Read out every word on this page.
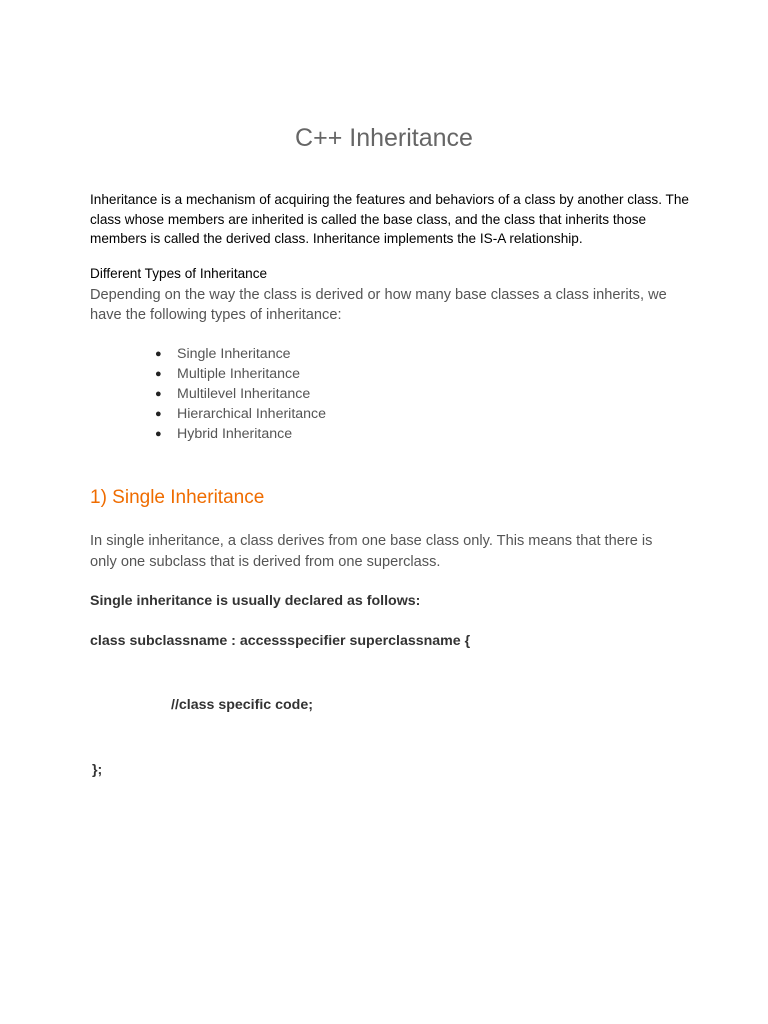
C++ Inheritance

Inheritance is a mechanism of acquiring the features and behaviors of a class by another class. The class whose members are inherited is called the base class, and the class that inherits those members is called the derived class. Inheritance implements the IS-A relationship.

Different Types of Inheritance

Depending on the way the class is derived or how many base classes a class inherits, we have the following types of inheritance:

● Single Inheritance
● Multiple Inheritance
● Multilevel Inheritance
● Hierarchical Inheritance
● Hybrid Inheritance
1) Single Inheritance

In single inheritance, a class derives from one base class only. This means that there is only one subclass that is derived from one superclass.

Single inheritance is usually declared as follows:

class subclassname : accessspecifier superclassname {

//class specific code;

};
